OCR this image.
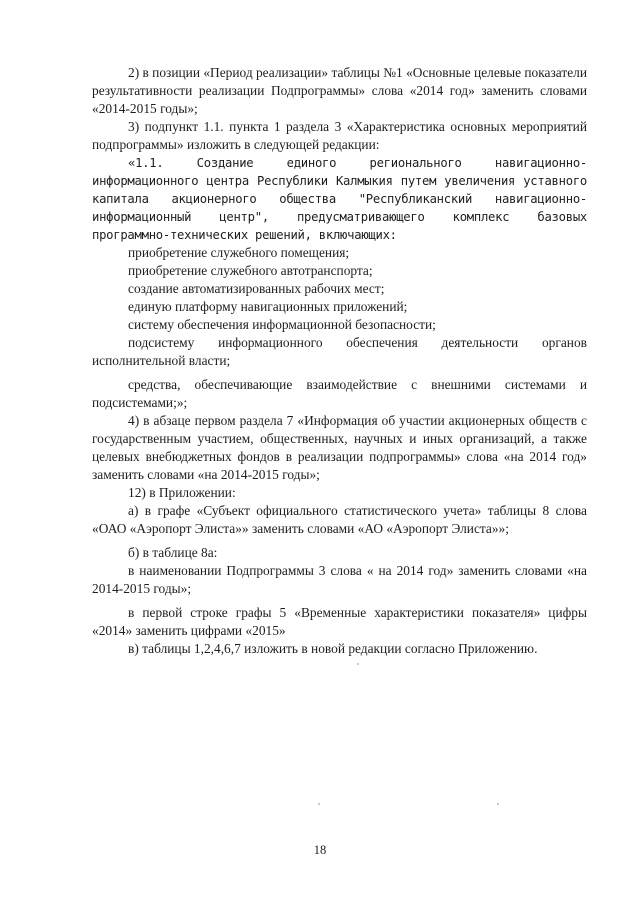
2) в позиции «Период реализации» таблицы №1 «Основные целевые показатели результативности реализации Подпрограммы» слова «2014 год» заменить словами «2014-2015 годы»;

3) подпункт 1.1. пункта 1 раздела 3 «Характеристика основных мероприятий подпрограммы» изложить в следующей редакции:

«1.1. Создание единого регионального навигационно-информационного центра Республики Калмыкия путем увеличения уставного капитала акционерного общества "Республиканский навигационно-информационный центр", предусматривающего комплекс базовых программно-технических решений, включающих:

приобретение служебного помещения;

приобретение служебного автотранспорта;

создание автоматизированных рабочих мест;

единую платформу навигационных приложений;

систему обеспечения информационной безопасности;

подсистему информационного обеспечения деятельности органов исполнительной власти;

средства, обеспечивающие взаимодействие с внешними системами и подсистемами;»;

4) в абзаце первом раздела 7 «Информация об участии акционерных обществ с государственным участием, общественных, научных и иных организаций, а также целевых внебюджетных фондов в реализации подпрограммы» слова «на 2014 год» заменить словами «на 2014-2015 годы»;

12) в Приложении:

а) в графе «Субъект официального статистического учета» таблицы 8 слова «ОАО «Аэропорт Элиста»» заменить словами «АО «Аэропорт Элиста»»;

б) в таблице 8а:

в наименовании Подпрограммы 3 слова « на 2014 год» заменить словами «на 2014-2015 годы»;

в первой строке графы 5 «Временные характеристики показателя» цифры «2014» заменить цифрами «2015»

в) таблицы 1,2,4,6,7 изложить в новой редакции согласно Приложению.

18
